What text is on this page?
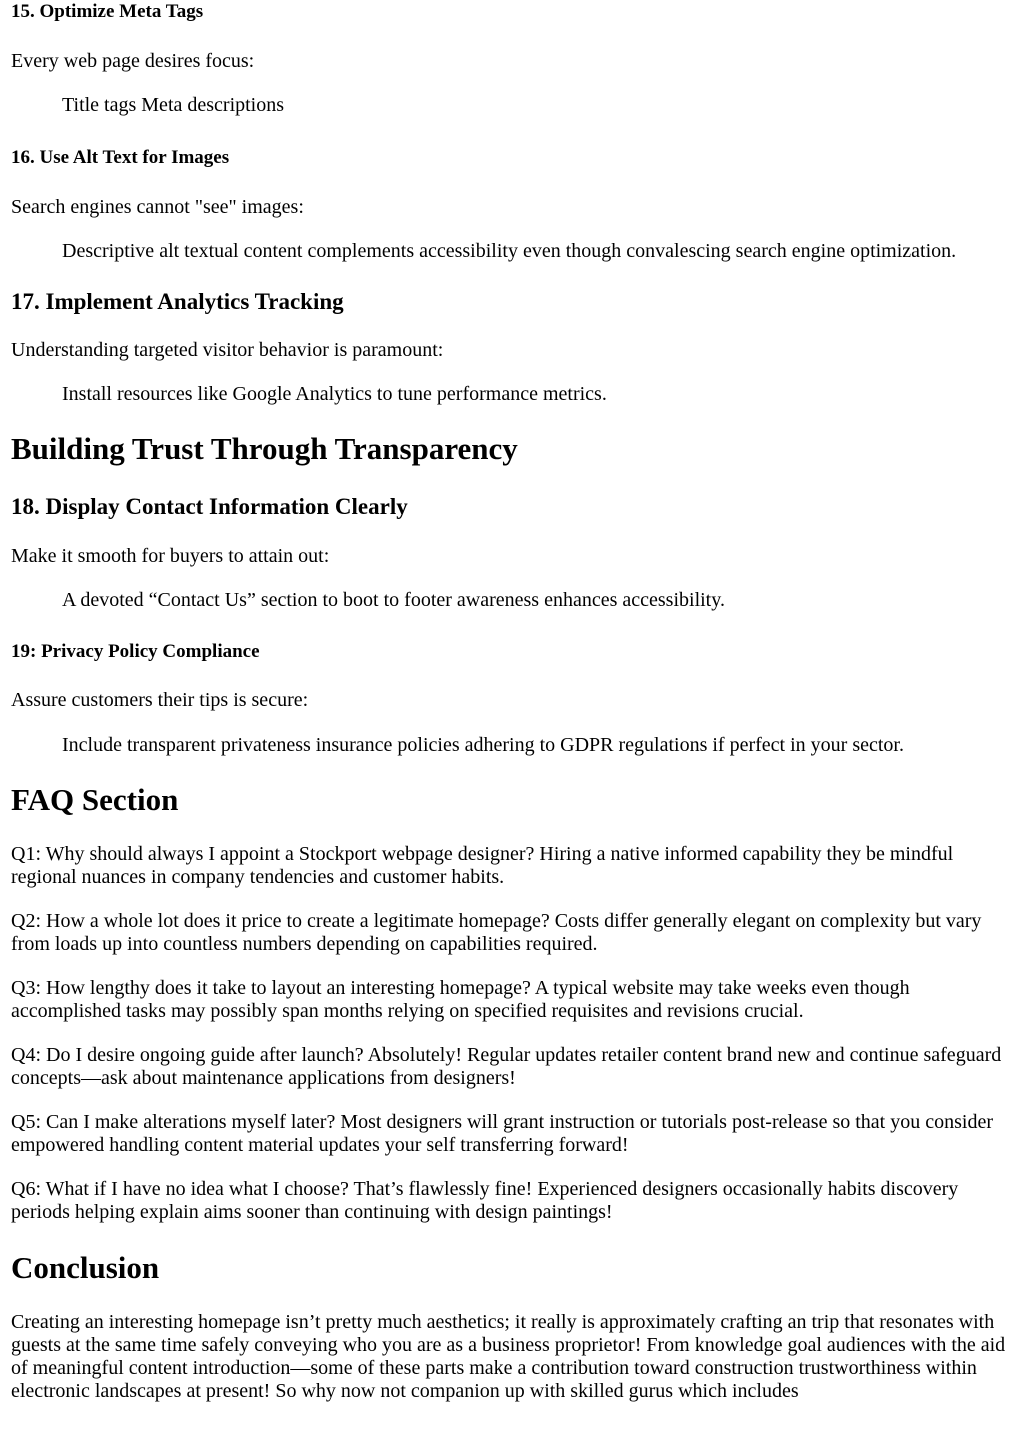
15. Optimize Meta Tags

Every web page desires focus:

Title tags Meta descriptions

16. Use Alt Text for Images

Search engines cannot "see" images:

Descriptive alt textual content complements accessibility even though convalescing search engine optimization.

17. Implement Analytics Tracking

Understanding targeted visitor behavior is paramount:

Install resources like Google Analytics to tune performance metrics.

Building Trust Through Transparency
18. Display Contact Information Clearly

Make it smooth for buyers to attain out:

A devoted “Contact Us” section to boot to footer awareness enhances accessibility.

19: Privacy Policy Compliance

Assure customers their tips is secure:

Include transparent privateness insurance policies adhering to GDPR regulations if perfect in your sector.

FAQ Section

Q1: Why should always I appoint a Stockport webpage designer? Hiring a native informed capability they be mindful regional nuances in company tendencies and customer habits.

Q2: How a whole lot does it price to create a legitimate homepage? Costs differ generally elegant on complexity but vary from loads up into countless numbers depending on capabilities required.

Q3: How lengthy does it take to layout an interesting homepage? A typical website may take weeks even though accomplished tasks may possibly span months relying on specified requisites and revisions crucial.

Q4: Do I desire ongoing guide after launch? Absolutely! Regular updates retailer content brand new and continue safeguard concepts—ask about maintenance applications from designers!

Q5: Can I make alterations myself later? Most designers will grant instruction or tutorials post-release so that you consider empowered handling content material updates your self transferring forward!

Q6: What if I have no idea what I choose? That’s flawlessly fine! Experienced designers occasionally habits discovery periods helping explain aims sooner than continuing with design paintings!

Conclusion

Creating an interesting homepage isn’t pretty much aesthetics; it really is approximately crafting an trip that resonates with guests at the same time safely conveying who you are as a business proprietor! From knowledge goal audiences with the aid of meaningful content introduction—some of these parts make a contribution toward construction trustworthiness within electronic landscapes at present! So why now not companion up with skilled gurus which includes
